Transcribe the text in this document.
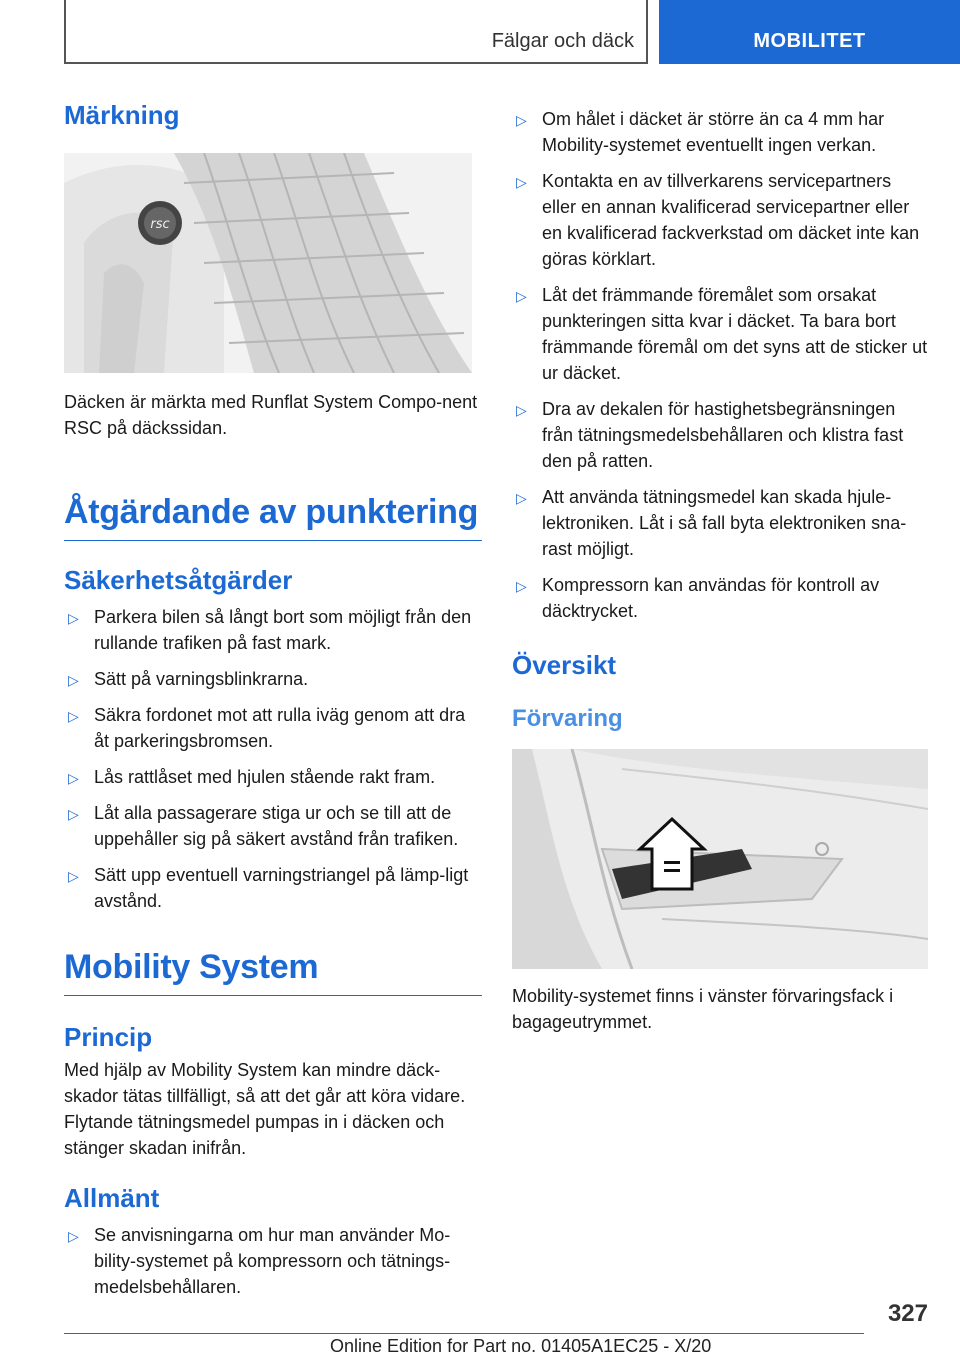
Fälgar och däck	MOBILITET
Märkning
rsc

Däcken är märkta med Runflat System Compo-nent RSC på däckssidan.

Åtgärdande av punktering
Säkerhetsåtgärder
▷ Parkera bilen så långt bort som möjligt från den rullande trafiken på fast mark.
▷ Sätt på varningsblinkrarna.
▷ Säkra fordonet mot att rulla iväg genom att dra åt parkeringsbromsen.
▷ Lås rattlåset med hjulen stående rakt fram.
▷ Låt alla passagerare stiga ur och se till att de uppehåller sig på säkert avstånd från trafiken.
▷ Sätt upp eventuell varningstriangel på lämp-ligt avstånd.
Mobility System
Princip

Med hjälp av Mobility System kan mindre däck-skador tätas tillfälligt, så att det går att köra vidare. Flytande tätningsmedel pumpas in i däcken och stänger skadan inifrån.

Allmänt
▷ Se anvisningarna om hur man använder Mo-bility-systemet på kompressorn och tätnings-medelsbehållaren.
▷ Om hålet i däcket är större än ca 4 mm har Mobility-systemet eventuellt ingen verkan.
▷ Kontakta en av tillverkarens servicepartners eller en annan kvalificerad servicepartner eller en kvalificerad fackverkstad om däcket inte kan göras körklart.
▷ Låt det främmande föremålet som orsakat punkteringen sitta kvar i däcket. Ta bara bort främmande föremål om det syns att de sticker ut ur däcket.
▷ Dra av dekalen för hastighetsbegränsningen från tätningsmedelsbehållaren och klistra fast den på ratten.
▷ Att använda tätningsmedel kan skada hjule-lektroniken. Låt i så fall byta elektroniken sna-rast möjligt.
▷ Kompressorn kan användas för kontroll av däcktrycket.
Översikt
Förvaring

Mobility-systemet finns i vänster förvaringsfack i bagageutrymmet.

327
Online Edition for Part no. 01405A1EC25 - X/20
